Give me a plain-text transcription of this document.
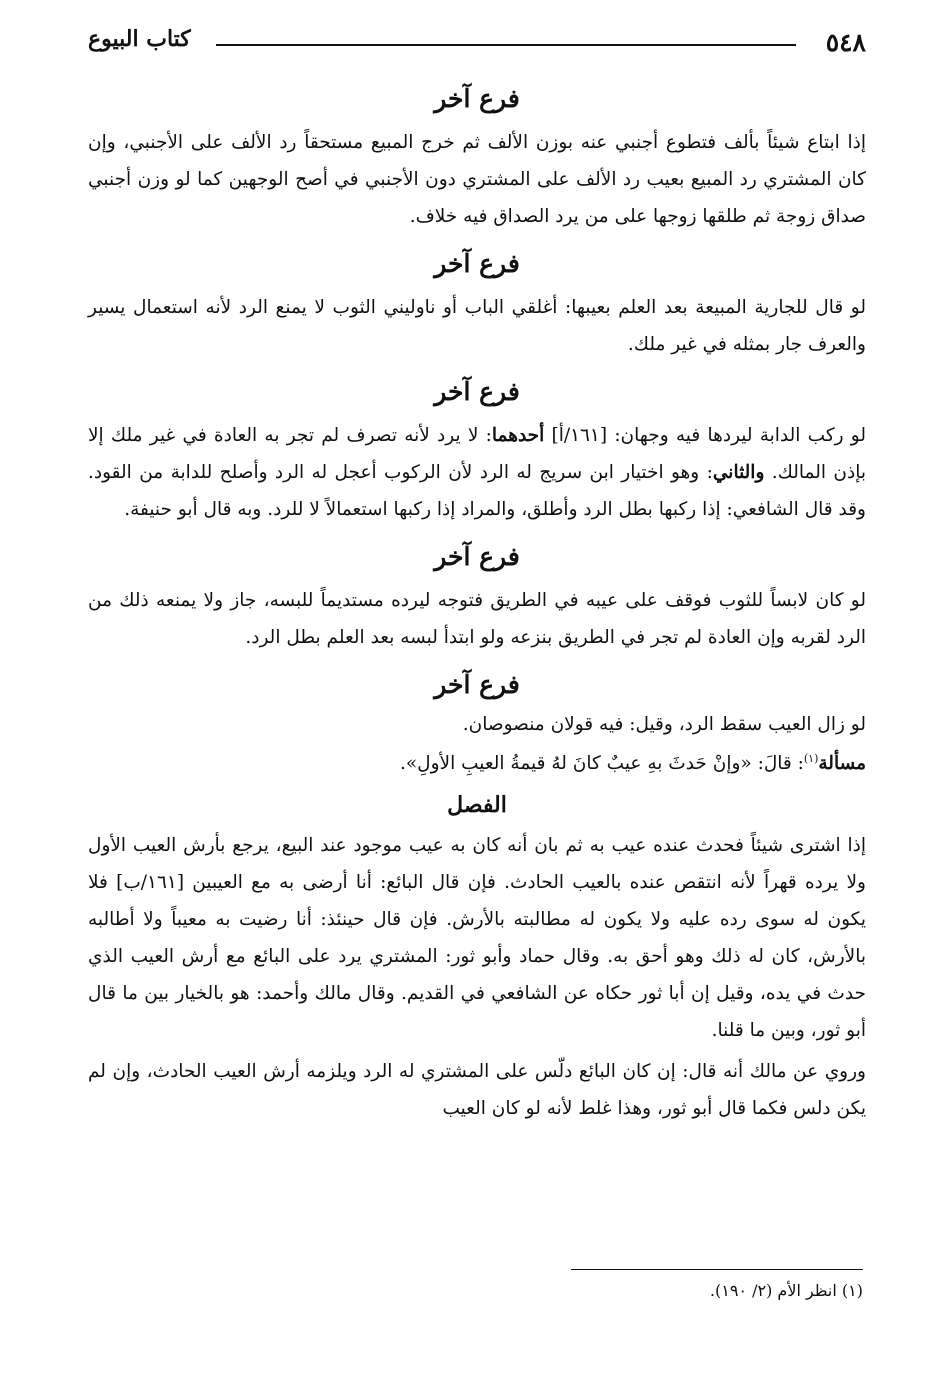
٥٤٨
كتاب البيوع
فرع آخر

إذا ابتاع شيئاً بألف فتطوع أجنبي عنه بوزن الألف ثم خرج المبيع مستحقاً رد الألف على الأجنبي، وإن كان المشتري رد المبيع بعيب رد الألف على المشتري دون الأجنبي في أصح الوجهين كما لو وزن أجنبي صداق زوجة ثم طلقها زوجها على من يرد الصداق فيه خلاف.

فرع آخر

لو قال للجارية المبيعة بعد العلم بعيبها: أغلقي الباب أو ناوليني الثوب لا يمنع الرد لأنه استعمال يسير والعرف جار بمثله في غير ملك.

فرع آخر

لو ركب الدابة ليردها فيه وجهان: [١٦١/أ] أحدهما: لا يرد لأنه تصرف لم تجر به العادة في غير ملك إلا بإذن المالك. والثاني: وهو اختيار ابن سريج له الرد لأن الركوب أعجل له الرد وأصلح للدابة من القود. وقد قال الشافعي: إذا ركبها بطل الرد وأطلق، والمراد إذا ركبها استعمالاً لا للرد. وبه قال أبو حنيفة.

فرع آخر

لو كان لابساً للثوب فوقف على عيبه في الطريق فتوجه ليرده مستديماً للبسه، جاز ولا يمنعه ذلك من الرد لقربه وإن العادة لم تجر في الطريق بنزعه ولو ابتدأ لبسه بعد العلم بطل الرد.

فرع آخر

لو زال العيب سقط الرد، وقيل: فيه قولان منصوصان.

مسألة$^{(١)}$: قالَ: «وإنْ حَدثَ بهِ عيبٌ كانَ لهُ قيمةُ العيبِ الأولِ».

الفصل

إذا اشترى شيئاً فحدث عنده عيب به ثم بان أنه كان به عيب موجود عند البيع، يرجع بأرش العيب الأول ولا يرده قهراً لأنه انتقص عنده بالعيب الحادث. فإن قال البائع: أنا أرضى به مع العيبين [١٦١/ب] فلا يكون له سوى رده عليه ولا يكون له مطالبته بالأرش. فإن قال حينئذ: أنا رضيت به معيباً ولا أطالبه بالأرش، كان له ذلك وهو أحق به. وقال حماد وأبو ثور: المشتري يرد على البائع مع أرش العيب الذي حدث في يده، وقيل إن أبا ثور حكاه عن الشافعي في القديم. وقال مالك وأحمد: هو بالخيار بين ما قال أبو ثور، وبين ما قلنا.

وروي عن مالك أنه قال: إن كان البائع دلّس على المشتري له الرد ويلزمه أرش العيب الحادث، وإن لم يكن دلس فكما قال أبو ثور، وهذا غلط لأنه لو كان العيب

(١) انظر الأم (٢/ ١٩٠).
